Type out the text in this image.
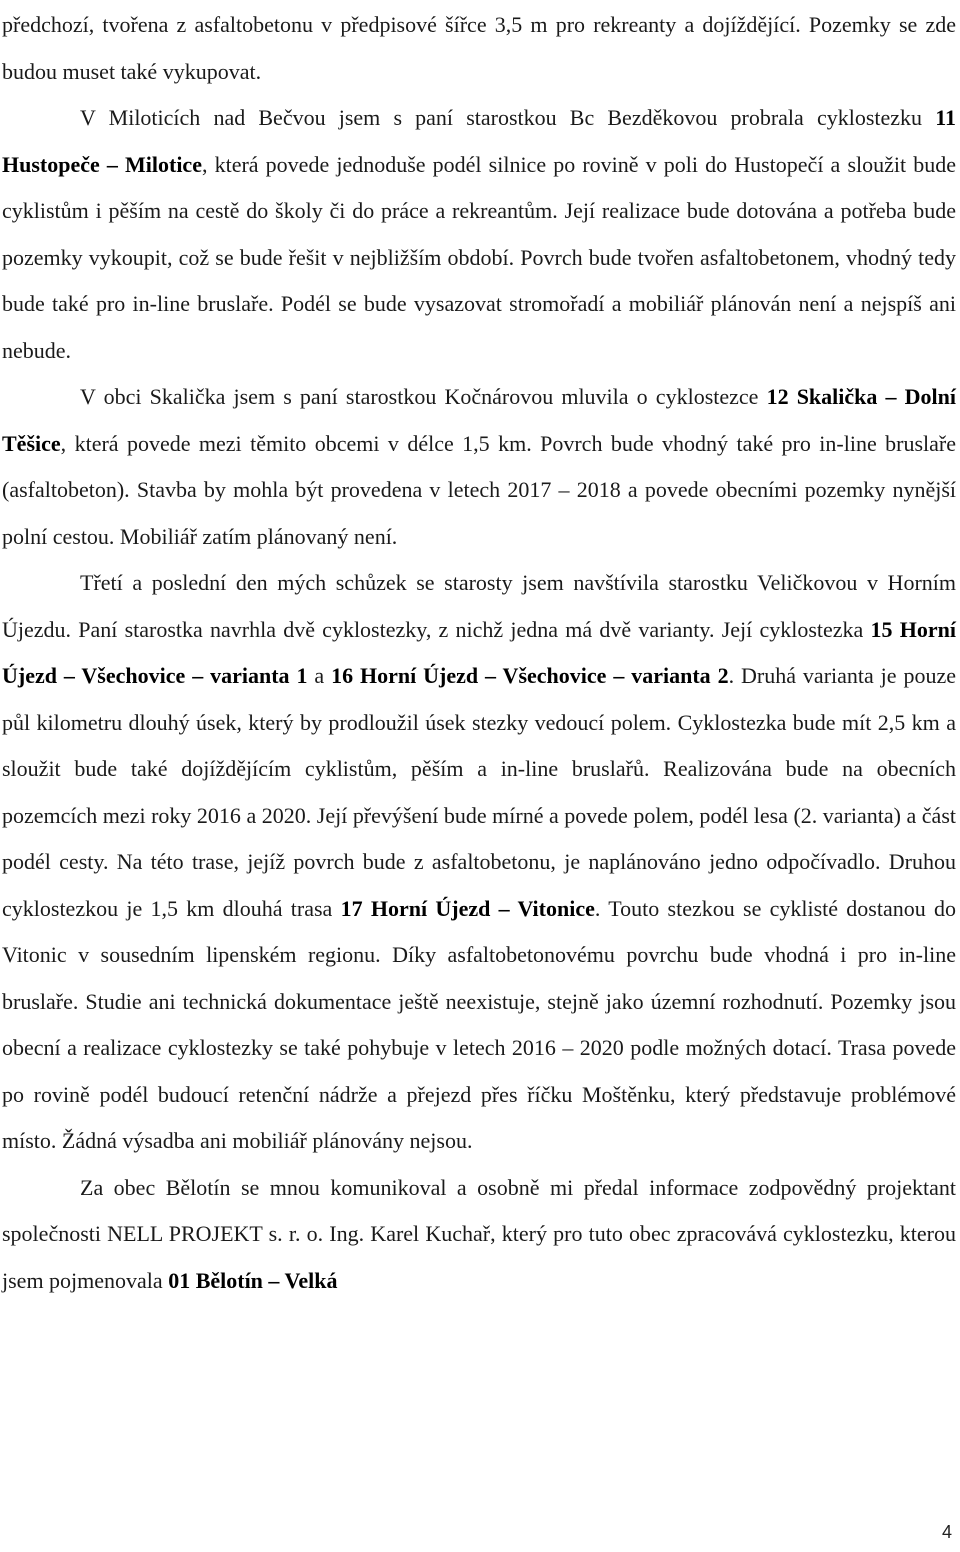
předchozí, tvořena z asfaltobetonu v předpisové šířce 3,5 m pro rekreanty a dojíždějící. Pozemky se zde budou muset také vykupovat.

V Miloticích nad Bečvou jsem s paní starostkou Bc Bezděkovou probrala cyklostezku 11 Hustopeče – Milotice, která povede jednoduše podél silnice po rovině v poli do Hustopečí a sloužit bude cyklistům i pěším na cestě do školy či do práce a rekreantům. Její realizace bude dotována a potřeba bude pozemky vykoupit, což se bude řešit v nejbližším období. Povrch bude tvořen asfaltobetonem, vhodný tedy bude také pro in-line bruslaře. Podél se bude vysazovat stromořadí a mobiliář plánován není a nejspíš ani nebude.

V obci Skalička jsem s paní starostkou Kočnárovou mluvila o cyklostezce 12 Skalička – Dolní Těšice, která povede mezi těmito obcemi v délce 1,5 km. Povrch bude vhodný také pro in-line bruslaře (asfaltobeton). Stavba by mohla být provedena v letech 2017 – 2018 a povede obecními pozemky nynější polní cestou. Mobiliář zatím plánovaný není.

Třetí a poslední den mých schůzek se starosty jsem navštívila starostku Veličkovou v Horním Újezdu. Paní starostka navrhla dvě cyklostezky, z nichž jedna má dvě varianty. Její cyklostezka 15 Horní Újezd – Všechovice – varianta 1 a 16 Horní Újezd – Všechovice – varianta 2. Druhá varianta je pouze půl kilometru dlouhý úsek, který by prodloužil úsek stezky vedoucí polem. Cyklostezka bude mít 2,5 km a sloužit bude také dojíždějícím cyklistům, pěším a in-line bruslařů. Realizována bude na obecních pozemcích mezi roky 2016 a 2020. Její převýšení bude mírné a povede polem, podél lesa (2. varianta) a část podél cesty. Na této trase, jejíž povrch bude z asfaltobetonu, je naplánováno jedno odpočívadlo. Druhou cyklostezkou je 1,5 km dlouhá trasa 17 Horní Újezd – Vitonice. Touto stezkou se cyklisté dostanou do Vitonic v sousedním lipenském regionu. Díky asfaltobetonovému povrchu bude vhodná i pro in-line bruslaře. Studie ani technická dokumentace ještě neexistuje, stejně jako územní rozhodnutí. Pozemky jsou obecní a realizace cyklostezky se také pohybuje v letech 2016 – 2020 podle možných dotací. Trasa povede po rovině podél budoucí retenční nádrže a přejezd přes říčku Moštěnku, který představuje problémové místo. Žádná výsadba ani mobiliář plánovány nejsou.

Za obec Bělotín se mnou komunikoval a osobně mi předal informace zodpovědný projektant společnosti NELL PROJEKT s. r. o. Ing. Karel Kuchař, který pro tuto obec zpracovává cyklostezku, kterou jsem pojmenovala 01 Bělotín – Velká

4
